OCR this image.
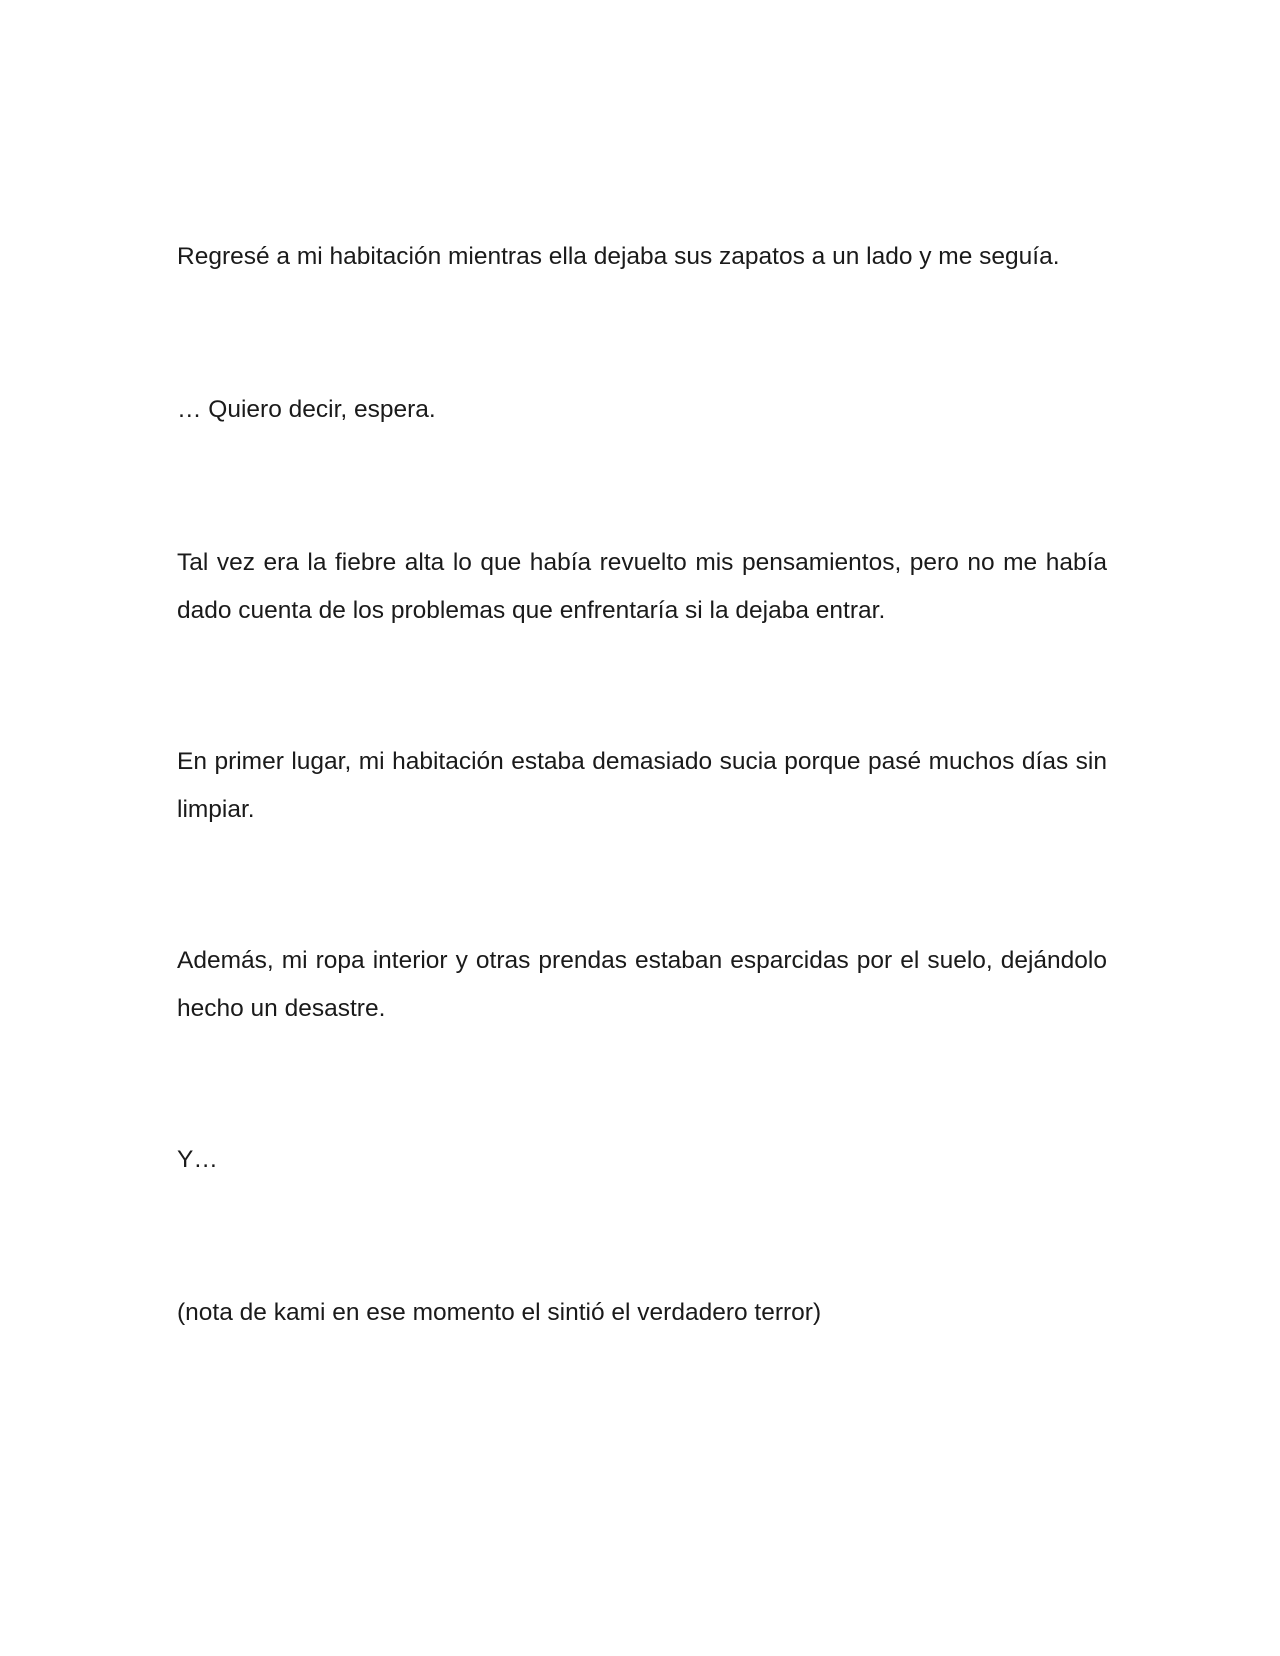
Regresé a mi habitación mientras ella dejaba sus zapatos a un lado y me seguía.

… Quiero decir, espera.

Tal vez era la fiebre alta lo que había revuelto mis pensamientos, pero no me había dado cuenta de los problemas que enfrentaría si la dejaba entrar.

En primer lugar, mi habitación estaba demasiado sucia porque pasé muchos días sin limpiar.

Además, mi ropa interior y otras prendas estaban esparcidas por el suelo, dejándolo hecho un desastre.

Y…

(nota de kami en ese momento el sintió el verdadero terror)
